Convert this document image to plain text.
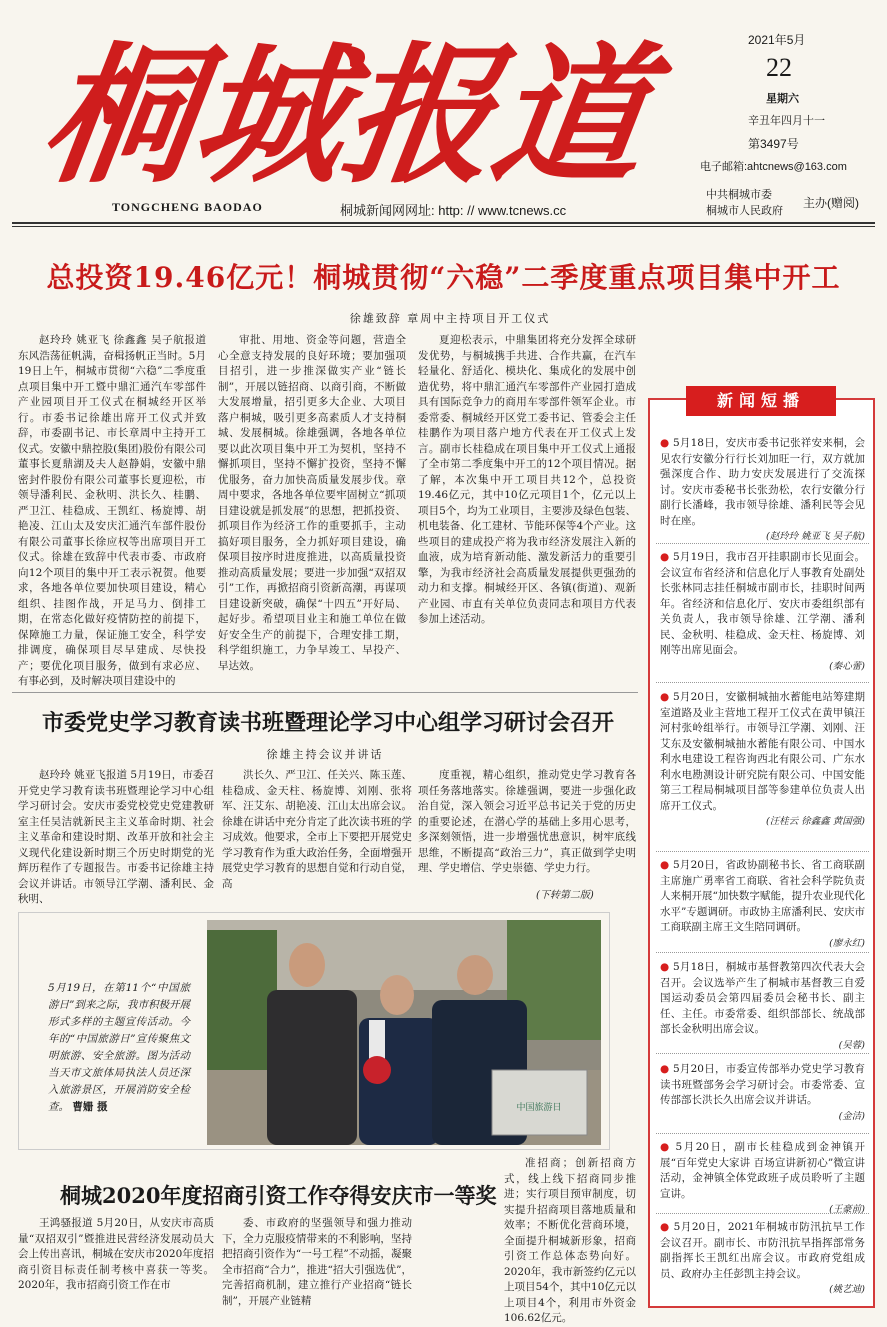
桐城报道
TONGCHENG BAODAO	桐城新闻网网址: http: // www.tcnews.cc
2021年5月
22
星期六
辛丑年四月十一
第3497号
电子邮箱:ahtcnews@163.com
中共桐城市委
桐城市人民政府
主办(赠阅)
总投资19.46亿元！桐城贯彻“六稳”二季度重点项目集中开工
徐雄致辞 章周中主持项目开工仪式

赵玲玲 姚亚飞 徐鑫鑫 吴子航报道 东风浩荡征帆满，奋楫扬帆正当时。5月19日上午，桐城市贯彻“六稳”二季度重点项目集中开工暨中鼎汇通汽车零部件产业园项目开工仪式在桐城经开区举行。市委书记徐雄出席开工仪式并致辞，市委副书记、市长章周中主持开工仪式。安徽中鼎控股(集团)股份有限公司董事长夏鼎湖及夫人赵静娟，安徽中鼎密封件股份有限公司董事长夏迎松，市领导潘利民、金秋明、洪长久、桂鹏、严卫江、桂稳成、王凯红、杨旋博、胡艳凌、江山太及安庆汇通汽车部件股份有限公司董事长徐应权等出席项目开工仪式。徐雄在致辞中代表市委、市政府向12个项目的集中开工表示祝贺。他要求，各地各单位要加快项目建设，精心组织、挂图作战，开足马力、倒排工期，在常态化做好疫情防控的前提下，保障施工力量，保证施工安全，科学安排调度，确保项目尽早建成、尽快投产；要优化项目服务，做到有求必应、有事必到，及时解决项目建设中的

审批、用地、资金等问题，营造全心全意支持发展的良好环境；要加强项目招引，进一步推深做实产业“链长制”，开展以链招商、以商引商，不断做大发展增量，招引更多大企业、大项目落户桐城，吸引更多高素质人才支持桐城、发展桐城。徐雄强调，各地各单位要以此次项目集中开工为契机，坚持不懈抓项目，坚持不懈扩投资，坚持不懈优服务，奋力加快高质量发展步伐。章周中要求，各地各单位要牢固树立“抓项目建设就是抓发展”的思想，把抓投资、抓项目作为经济工作的重要抓手，主动搞好项目服务，全力抓好项目建设，确保项目按序时进度推进，以高质量投资推动高质量发展；要进一步加强“双招双引”工作，再掀招商引资新高潮，再谋项目建设新突破，确保“十四五”开好局、起好步。希望项目业主和施工单位在做好安全生产的前提下，合理安排工期，科学组织施工，力争早竣工、早投产、早达效。

夏迎松表示，中鼎集团将充分发挥全球研发优势，与桐城携手共进、合作共赢，在汽车轻量化、舒适化、模块化、集成化的发展中创造优势，将中鼎汇通汽车零部件产业园打造成具有国际竞争力的商用车零部件领军企业。市委常委、桐城经开区党工委书记、管委会主任桂鹏作为项目落户地方代表在开工仪式上发言。副市长桂稳成在项目集中开工仪式上通报了全市第二季度集中开工的12个项目情况。据了解，本次集中开工项目共12个，总投资19.46亿元，其中10亿元项目1个，亿元以上项目5个，均为工业项目，主要涉及绿色包装、机电装备、化工建材、节能环保等4个产业。这些项目的建成投产将为我市经济发展注入新的血液，成为培育新动能、激发新活力的重要引擎，为我市经济社会高质量发展提供更强劲的动力和支撑。桐城经开区、各镇(街道)、观新产业园、市直有关单位负责同志和项目方代表参加上述活动。

市委党史学习教育读书班暨理论学习中心组学习研讨会召开
徐雄主持会议并讲话

赵玲玲 姚亚飞报道 5月19日，市委召开党史学习教育读书班暨理论学习中心组学习研讨会。安庆市委党校党史党建教研室主任吴洁就新民主主义革命时期、社会主义革命和建设时期、改革开放和社会主义现代化建设新时期三个历史时期党的光辉历程作了专题报告。市委书记徐雄主持会议并讲话。市领导江学潮、潘利民、金秋明、

洪长久、严卫江、任关兴、陈玉莲、桂稳成、金天柱、杨旋博、刘刚、张将军、汪艾东、胡艳凌、江山太出席会议。徐雄在讲话中充分肯定了此次读书班的学习成效。他要求，全市上下要把开展党史学习教育作为重大政治任务，全面增强开展党史学习教育的思想自觉和行动自觉，高

度重视，精心组织，推动党史学习教育各项任务落地落实。徐雄强调，要进一步强化政治自觉，深入领会习近平总书记关于党的历史的重要论述，在潜心学的基础上多用心思考，多深刻领悟，进一步增强忧患意识，树牢底线思维，不断提高“政治三力”，真正做到学史明理、学史增信、学史崇德、学史力行。

(下转第二版)
5月19日，在第11个“中国旅游日”到来之际，我市积极开展形式多样的主题宣传活动。今年的“中国旅游日”宣传聚焦文明旅游、安全旅游。图为活动当天市文旅体局执法人员还深入旅游景区，开展消防安全检查。 曹姗 摄	中国旅游日
桐城2020年度招商引资工作夺得安庆市一等奖

王鸿骚报道 5月20日，从安庆市高质量“双招双引”暨推进民营经济发展动员大会上传出喜讯，桐城在安庆市2020年度招商引资目标责任制考核中喜获一等奖。2020年，我市招商引资工作在市

委、市政府的坚强领导和强力推动下，全力克服疫情带来的不利影响，坚持把招商引资作为“一号工程”不动摇，凝聚全市招商“合力”，推进“招大引强选优”，完善招商机制，建立推行产业招商“链长制”，开展产业链精

准招商；创新招商方式，线上线下招商同步推进；实行项目预审制度，切实提升招商项目落地质量和效率；不断优化营商环境，全面提升桐城新形象，招商引资工作总体态势向好。2020年，我市新签约亿元以上项目54个，其中10亿元以上项目4个，利用市外资金106.62亿元。

● 5月18日，安庆市委书记张祥安来桐，会见农行安徽分行行长刘加旺一行，双方就加强深度合作、助力安庆发展进行了交流探讨。安庆市委秘书长张劲松，农行安徽分行副行长潘峰，我市领导徐雄、潘利民等会见时在座。
(赵玲玲 姚亚飞 吴子航)
● 5月19日，我市召开挂职副市长见面会。会议宣布省经济和信息化厅人事教育处副处长张林同志挂任桐城市副市长，挂职时间两年。省经济和信息化厅、安庆市委组织部有关负责人，我市领导徐雄、江学潮、潘利民、金秋明、桂稳成、金天柱、杨旋博、刘刚等出席见面会。
(秦心蕾)
● 5月20日，安徽桐城抽水蓄能电站筹建期室道路及业主营地工程开工仪式在黄甲镇汪河村张岭组举行。市领导江学潮、刘刚、汪艾东及安徽桐城抽水蓄能有限公司、中国水利水电建设工程咨询西北有限公司、广东水利水电勘测设计研究院有限公司、中国安能第三工程局桐城项目部等参建单位负责人出席开工仪式。
(汪桂云 徐鑫鑫 黄国强)
● 5月20日，省政协副秘书长、省工商联副主席施广勇率省工商联、省社会科学院负责人来桐开展“加快数字赋能，提升农业现代化水平”专题调研。市政协主席潘利民、安庆市工商联副主席王文生陪同调研。
(廖永红)
● 5月18日，桐城市基督教第四次代表大会召开。会议选举产生了桐城市基督教三自爱国运动委员会第四届委员会秘书长、副主任、主任。市委常委、组织部部长、统战部部长金秋明出席会议。
(吴蓉)
● 5月20日，市委宣传部举办党史学习教育读书班暨部务会学习研讨会。市委常委、宣传部部长洪长久出席会议并讲话。
(金洁)
● 5月20日，副市长桂稳成到金神镇开展“百年党史大家讲 百场宣讲新初心”微宣讲活动，金神镇全体党政班子成员聆听了主题宣讲。
(王豪前)
● 5月20日，2021年桐城市防汛抗旱工作会议召开。副市长、市防汛抗旱指挥部常务副指挥长王凯红出席会议。市政府党组成员、政府办主任彭凯主持会议。
(姚艺迪)
新闻短播
